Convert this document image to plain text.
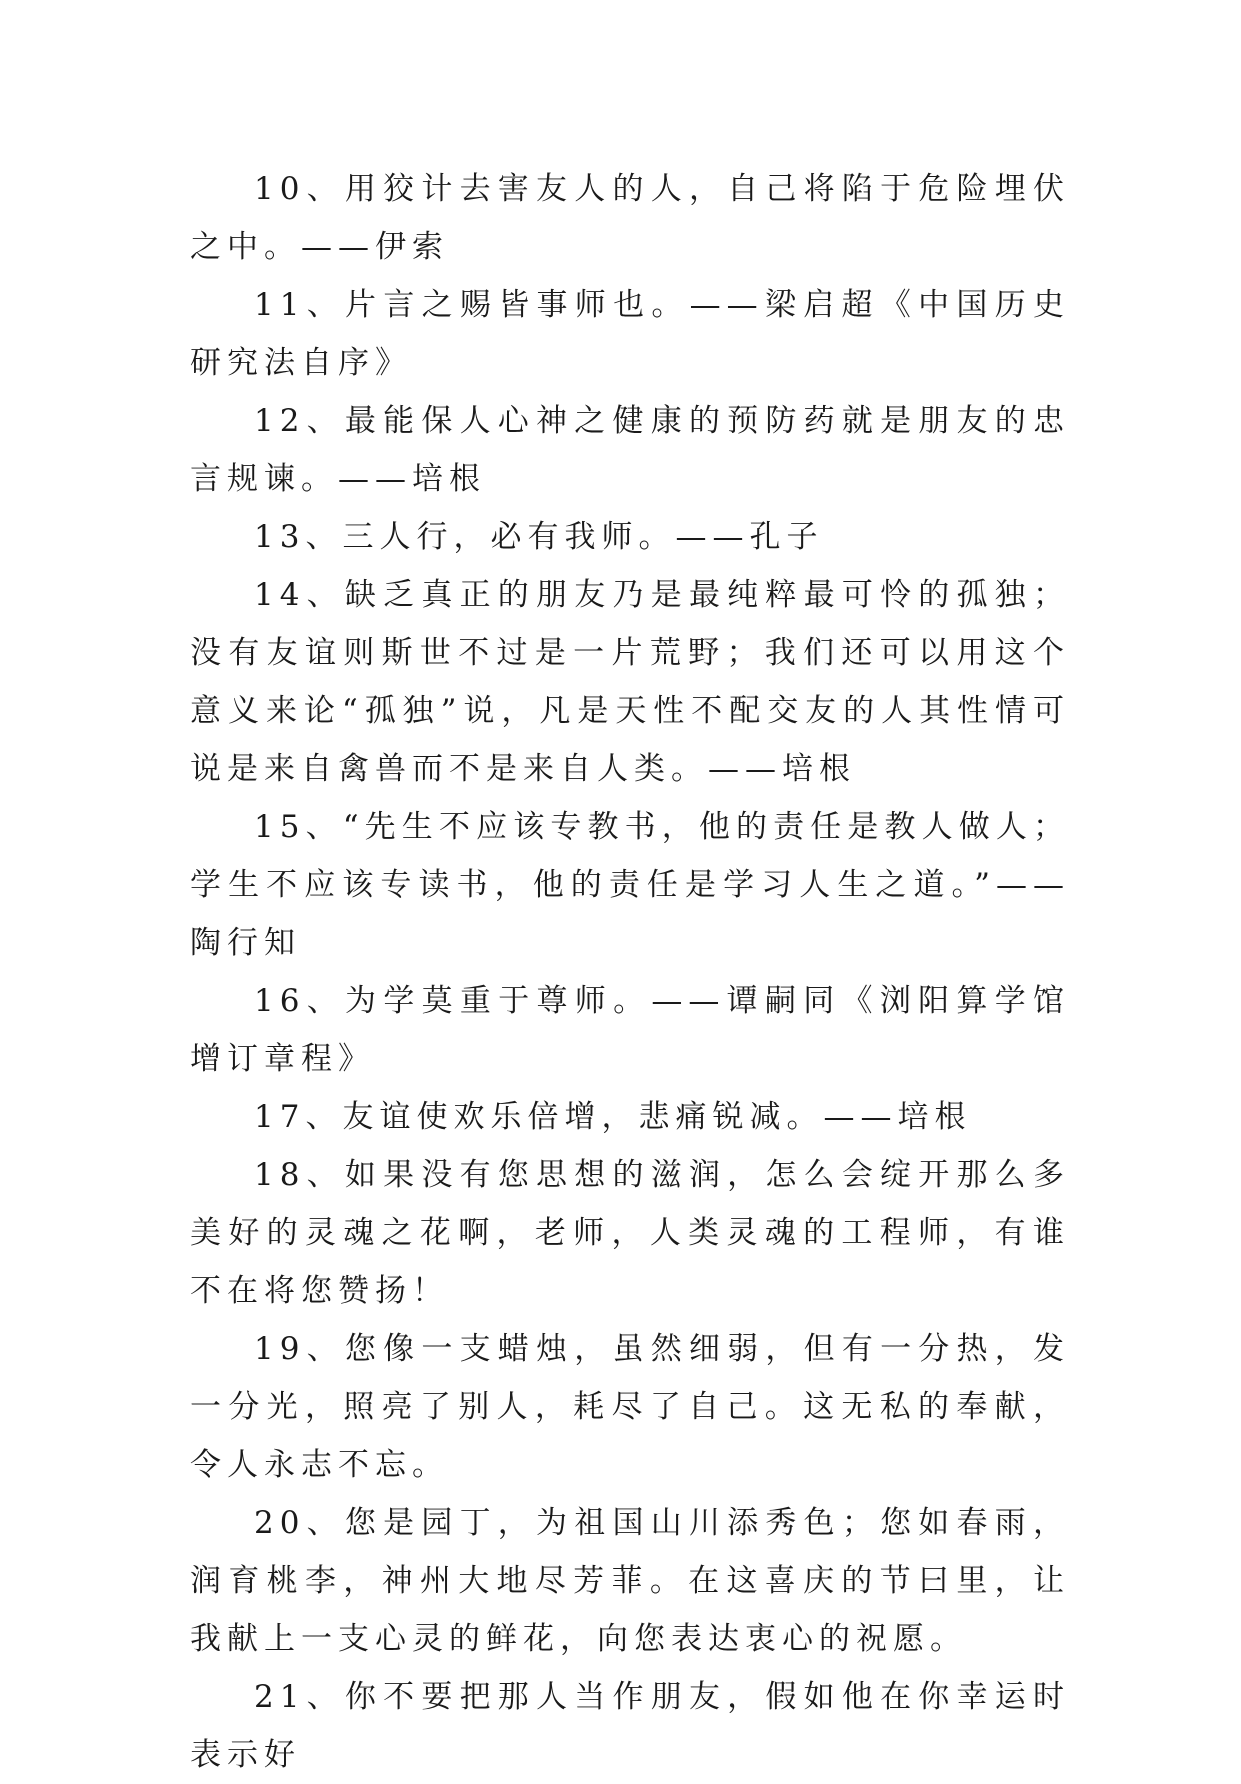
10、用狡计去害友人的人，自己将陷于危险埋伏之中。——伊索

11、片言之赐皆事师也。——梁启超《中国历史研究法自序》

12、最能保人心神之健康的预防药就是朋友的忠言规谏。——培根

13、三人行，必有我师。——孔子

14、缺乏真正的朋友乃是最纯粹最可怜的孤独；没有友谊则斯世不过是一片荒野；我们还可以用这个意义来论“孤独”说，凡是天性不配交友的人其性情可说是来自禽兽而不是来自人类。——培根

15、“先生不应该专教书，他的责任是教人做人；学生不应该专读书，他的责任是学习人生之道。”——陶行知

16、为学莫重于尊师。——谭嗣同《浏阳算学馆增订章程》

17、友谊使欢乐倍增，悲痛锐减。——培根

18、如果没有您思想的滋润，怎么会绽开那么多美好的灵魂之花啊，老师，人类灵魂的工程师，有谁不在将您赞扬！

19、您像一支蜡烛，虽然细弱，但有一分热，发一分光，照亮了别人，耗尽了自己。这无私的奉献，令人永志不忘。

20、您是园丁，为祖国山川添秀色；您如春雨，润育桃李，神州大地尽芳菲。在这喜庆的节曰里，让我献上一支心灵的鲜花，向您表达衷心的祝愿。

21、你不要把那人当作朋友，假如他在你幸运时表示好
